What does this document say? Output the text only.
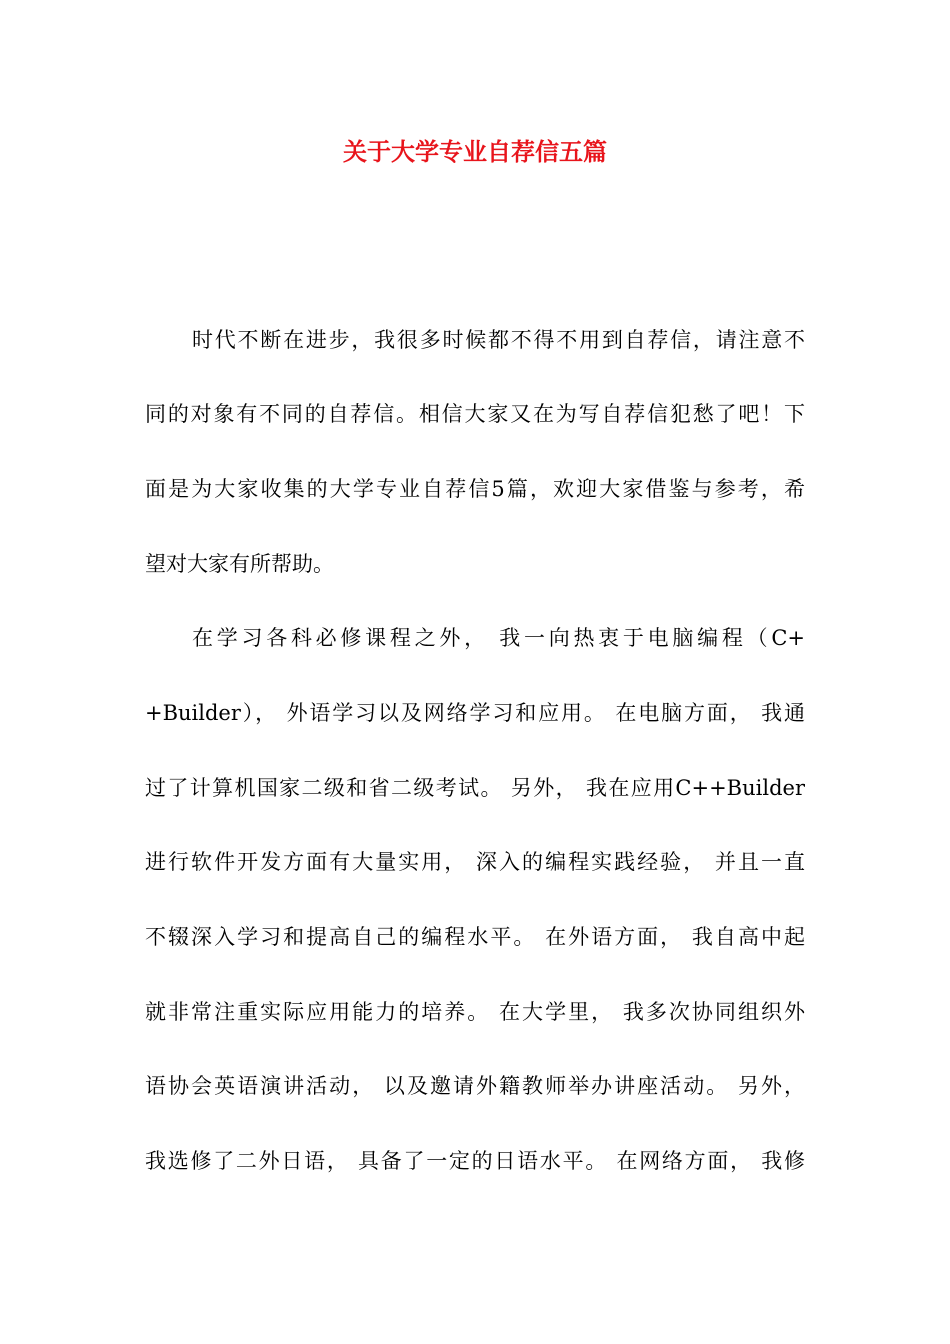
关于大学专业自荐信五篇
时代不断在进步，我很多时候都不得不用到自荐信，请注意不
同的对象有不同的自荐信。相信大家又在为写自荐信犯愁了吧！下
面是为大家收集的大学专业自荐信5篇，欢迎大家借鉴与参考，希
望对大家有所帮助。
在学习各科必修课程之外， 我一向热衷于电脑编程（C+
+Builder）， 外语学习以及网络学习和应用。 在电脑方面， 我通
过了计算机国家二级和省二级考试。 另外， 我在应用C++Builder
进行软件开发方面有大量实用， 深入的编程实践经验， 并且一直
不辍深入学习和提高自己的编程水平。 在外语方面， 我自高中起
就非常注重实际应用能力的培养。 在大学里， 我多次协同组织外
语协会英语演讲活动， 以及邀请外籍教师举办讲座活动。 另外，
我选修了二外日语， 具备了一定的日语水平。 在网络方面， 我修
